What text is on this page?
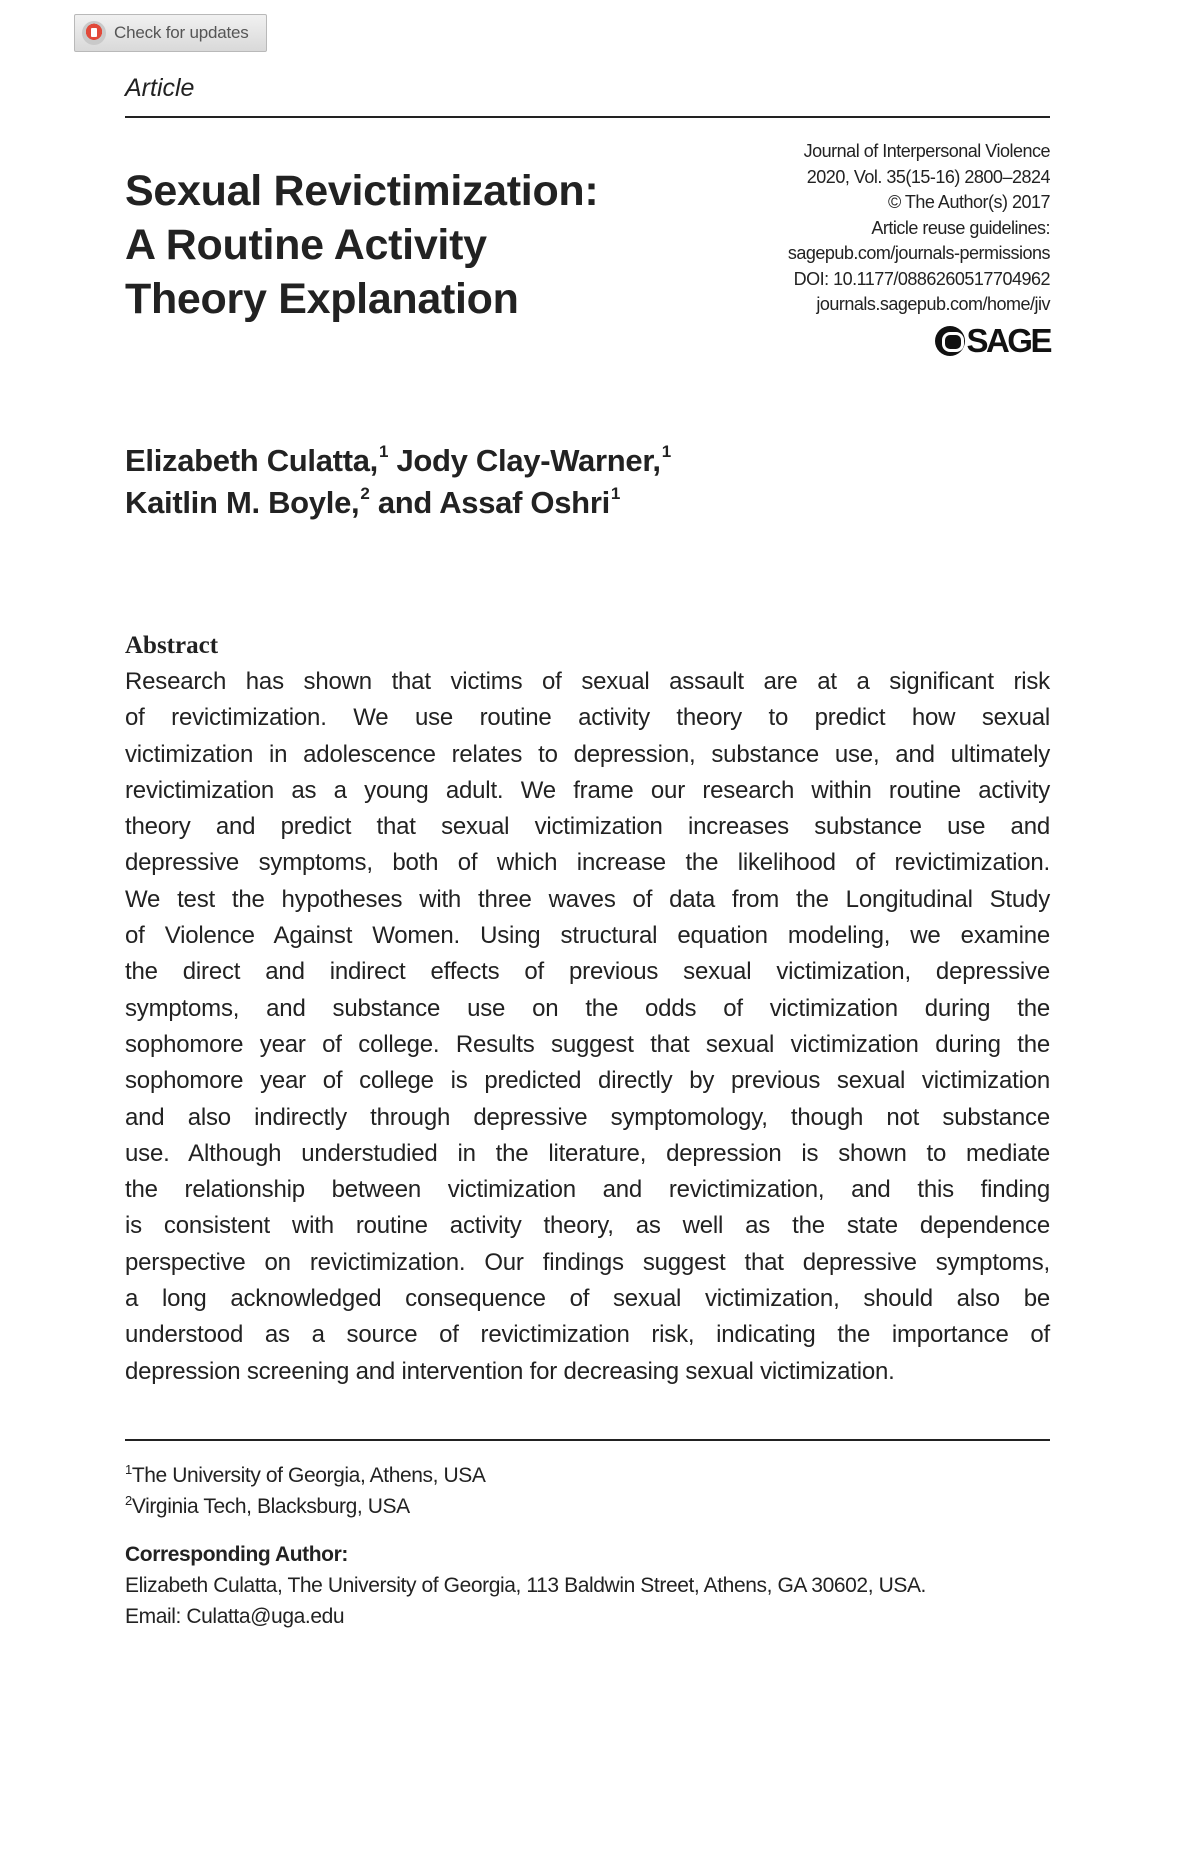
Check for updates
Article
Sexual Revictimization:
A Routine Activity
Theory Explanation
Journal of Interpersonal Violence
2020, Vol. 35(15-16) 2800–2824
© The Author(s) 2017
Article reuse guidelines:
sagepub.com/journals-permissions
DOI: 10.1177/0886260517704962
journals.sagepub.com/home/jiv
SAGE
Elizabeth Culatta,$^1$ Jody Clay-Warner,$^1$
Kaitlin M. Boyle,$^2$ and Assaf Oshri$^1$
Abstract
Research has shown that victims of sexual assault are at a significant risk
of revictimization. We use routine activity theory to predict how sexual
victimization in adolescence relates to depression, substance use, and ultimately
revictimization as a young adult. We frame our research within routine activity
theory and predict that sexual victimization increases substance use and
depressive symptoms, both of which increase the likelihood of revictimization.
We test the hypotheses with three waves of data from the Longitudinal Study
of Violence Against Women. Using structural equation modeling, we examine
the direct and indirect effects of previous sexual victimization, depressive
symptoms, and substance use on the odds of victimization during the
sophomore year of college. Results suggest that sexual victimization during the
sophomore year of college is predicted directly by previous sexual victimization
and also indirectly through depressive symptomology, though not substance
use. Although understudied in the literature, depression is shown to mediate
the relationship between victimization and revictimization, and this finding
is consistent with routine activity theory, as well as the state dependence
perspective on revictimization. Our findings suggest that depressive symptoms,
a long acknowledged consequence of sexual victimization, should also be
understood as a source of revictimization risk, indicating the importance of
depression screening and intervention for decreasing sexual victimization.
$^1$The University of Georgia, Athens, USA
$^2$Virginia Tech, Blacksburg, USA
Corresponding Author:
Elizabeth Culatta, The University of Georgia, 113 Baldwin Street, Athens, GA 30602, USA.
Email: Culatta@uga.edu
